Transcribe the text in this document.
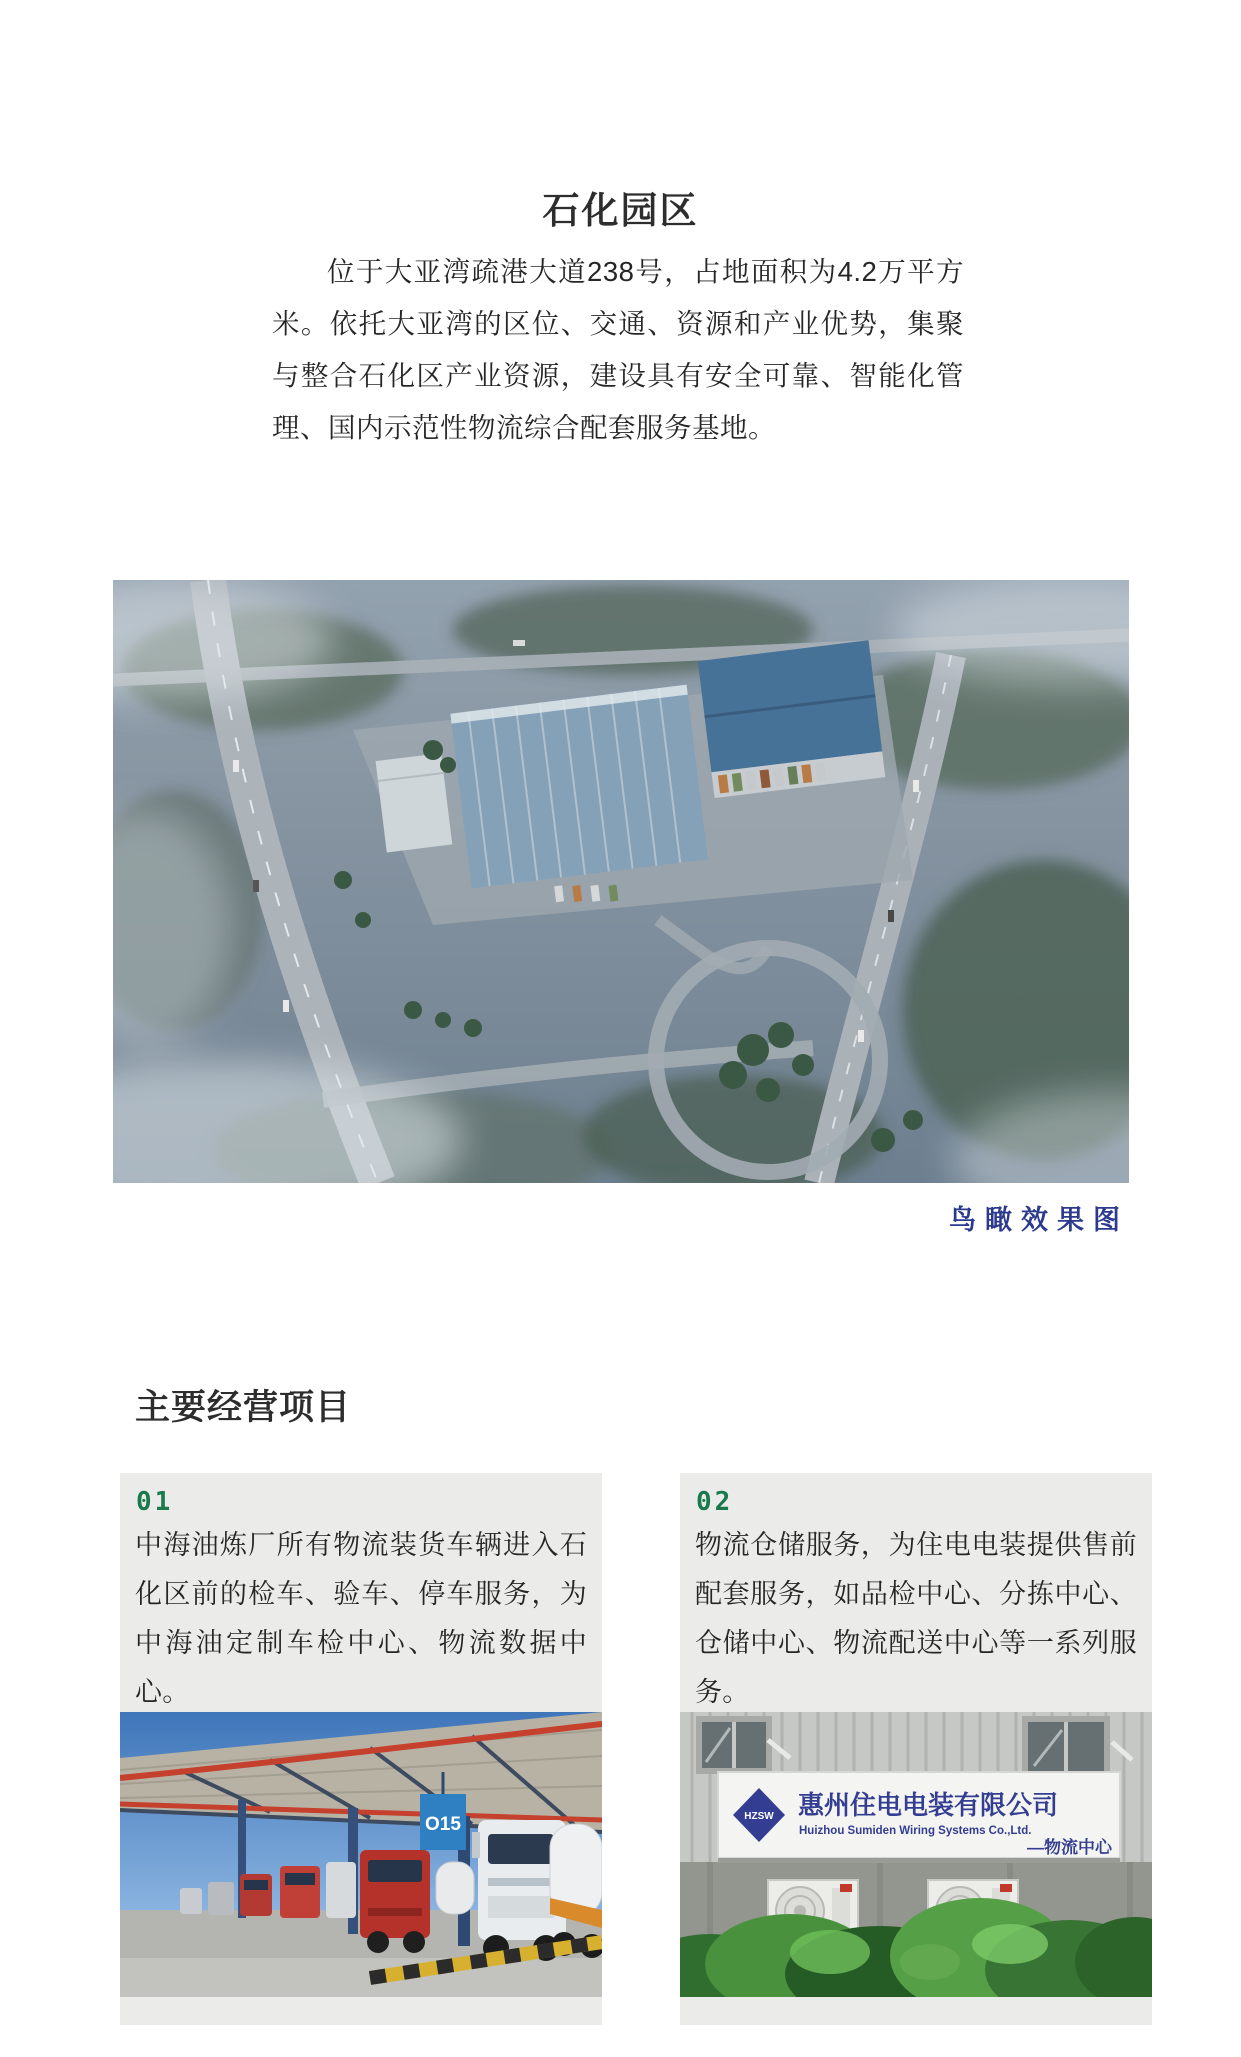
石化园区

位于大亚湾疏港大道238号，占地面积为4.2万平方米。依托大亚湾的区位、交通、资源和产业优势，集聚与整合石化区产业资源，建设具有安全可靠、智能化管理、国内示范性物流综合配套服务基地。

鸟瞰效果图
主要经营项目
01

中海油炼厂所有物流装货车辆进入石化区前的检车、验车、停车服务，为中海油定制车检中心、物流数据中心。

O15
02

物流仓储服务，为住电电装提供售前配套服务，如品检中心、分拣中心、仓储中心、物流配送中心等一系列服务。

HZSW 惠州住电电装有限公司
Huizhou Sumiden Wiring Systems Co.,Ltd.
—物流中心
